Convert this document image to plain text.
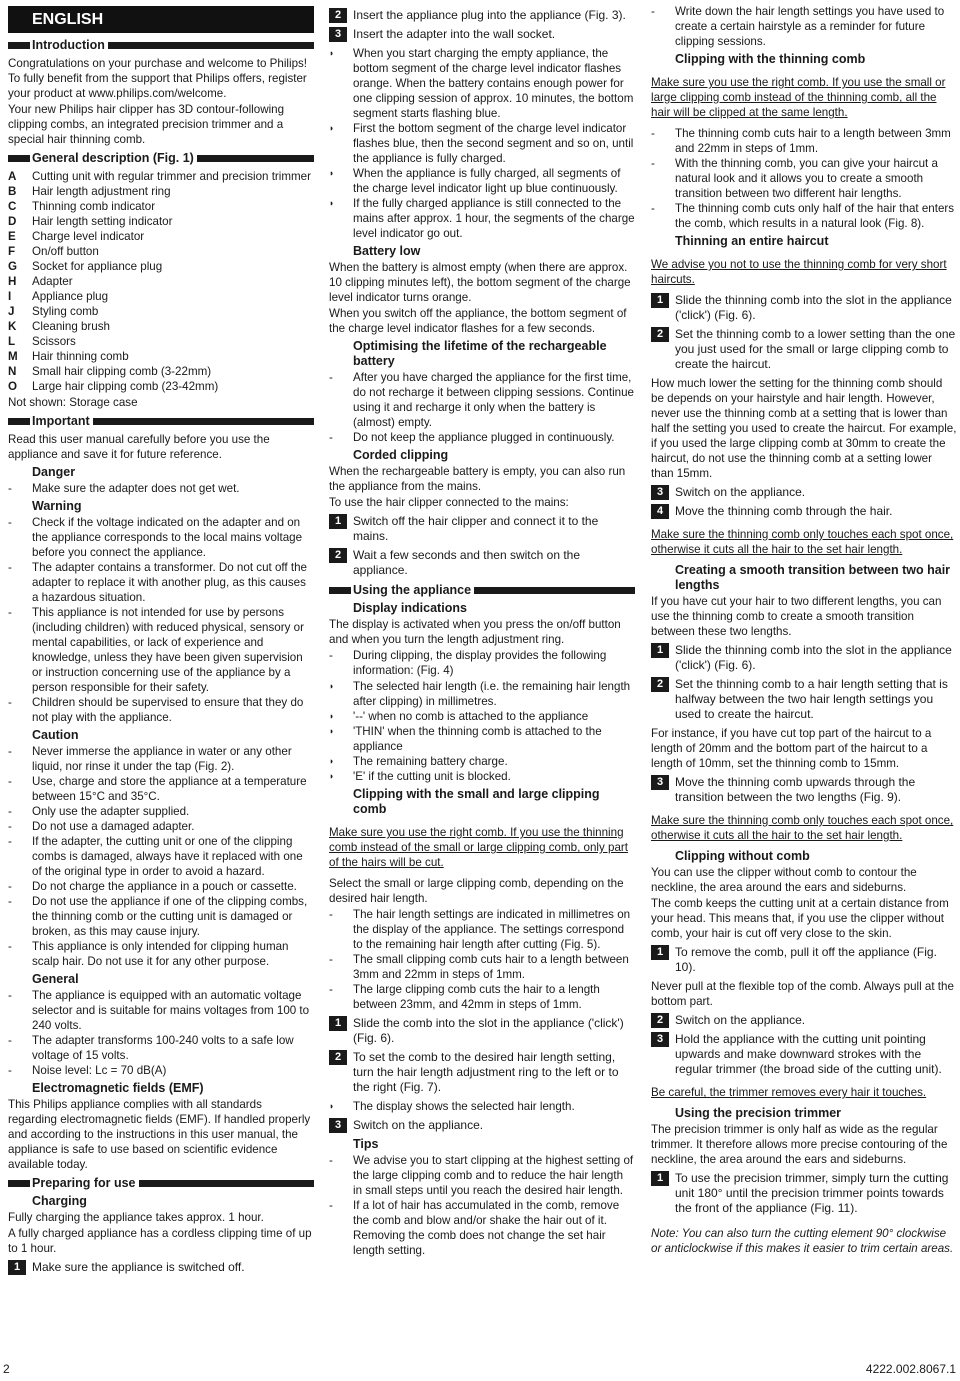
ENGLISH
Introduction
Congratulations on your purchase and welcome to Philips! To fully benefit from the support that Philips offers, register your product at www.philips.com/welcome.
Your new Philips hair clipper has 3D contour-following clipping combs, an integrated precision trimmer and a special hair thinning comb.
General description (Fig. 1)
A	Cutting unit with regular trimmer and precision trimmer
B	Hair length adjustment ring
C	Thinning comb indicator
D	Hair length setting indicator
E	Charge level indicator
F	On/off button
G	Socket for appliance plug
H	Adapter
I	Appliance plug
J	Styling comb
K	Cleaning brush
L	Scissors
M	Hair thinning comb
N	Small hair clipping comb (3-22mm)
O	Large hair clipping comb (23-42mm)
Not shown: Storage case
Important
Read this user manual carefully before you use the appliance and save it for future reference.
Danger
-	Make sure the adapter does not get wet.
Warning
-	Check if the voltage indicated on the adapter and on the appliance corresponds to the local mains voltage before you connect the appliance.
-	The adapter contains a transformer. Do not cut off the adapter to replace it with another plug, as this causes a hazardous situation.
-	This appliance is not intended for use by persons (including children) with reduced physical, sensory or mental capabilities, or lack of experience and knowledge, unless they have been given supervision or instruction concerning use of the appliance by a person responsible for their safety.
-	Children should be supervised to ensure that they do not play with the appliance.
Caution
-	Never immerse the appliance in water or any other liquid, nor rinse it under the tap (Fig. 2).
-	Use, charge and store the appliance at a temperature between 15°C and 35°C.
-	Only use the adapter supplied.
-	Do not use a damaged adapter.
-	If the adapter, the cutting unit or one of the clipping combs is damaged, always have it replaced with one of the original type in order to avoid a hazard.
-	Do not charge the appliance in a pouch or cassette.
-	Do not use the appliance if one of the clipping combs, the thinning comb or the cutting unit is damaged or broken, as this may cause injury.
-	This appliance is only intended for clipping human scalp hair. Do not use it for any other purpose.
General
-	The appliance is equipped with an automatic voltage selector and is suitable for mains voltages from 100 to 240 volts.
-	The adapter transforms 100-240 volts to a safe low voltage of 15 volts.
-	Noise level: Lc = 70 dB(A)
Electromagnetic fields (EMF)
This Philips appliance complies with all standards regarding electromagnetic fields (EMF). If handled properly and according to the instructions in this user manual, the appliance is safe to use based on scientific evidence available today.
Preparing for use
Charging
Fully charging the appliance takes approx. 1 hour.
A fully charged appliance has a cordless clipping time of up to 1 hour.
1 Make sure the appliance is switched off.
2 Insert the appliance plug into the appliance (Fig. 3).
3 Insert the adapter into the wall socket.
◗	When you start charging the empty appliance, the bottom segment of the charge level indicator flashes orange. When the battery contains enough power for one clipping session of approx. 10 minutes, the bottom segment starts flashing blue.
◗	First the bottom segment of the charge level indicator flashes blue, then the second segment and so on, until the appliance is fully charged.
◗	When the appliance is fully charged, all segments of the charge level indicator light up blue continuously.
◗	If the fully charged appliance is still connected to the mains after approx. 1 hour, the segments of the charge level indicator go out.
Battery low
When the battery is almost empty (when there are approx. 10 clipping minutes left), the bottom segment of the charge level indicator turns orange.
When you switch off the appliance, the bottom segment of the charge level indicator flashes for a few seconds.
Optimising the lifetime of the rechargeable battery
-	After you have charged the appliance for the first time, do not recharge it between clipping sessions. Continue using it and recharge it only when the battery is (almost) empty.
-	Do not keep the appliance plugged in continuously.
Corded clipping
When the rechargeable battery is empty, you can also run the appliance from the mains.
To use the hair clipper connected to the mains:
1 Switch off the hair clipper and connect it to the mains.
2 Wait a few seconds and then switch on the appliance.
Using the appliance
Display indications
The display is activated when you press the on/off button and when you turn the length adjustment ring.
-	During clipping, the display provides the following information: (Fig. 4)
◗	The selected hair length (i.e. the remaining hair length after clipping) in millimetres.
◗	'--' when no comb is attached to the appliance
◗	'THIN' when the thinning comb is attached to the appliance
◗	The remaining battery charge.
◗	'E' if the cutting unit is blocked.
Clipping with the small and large clipping comb
Make sure you use the right comb. If you use the thinning comb instead of the small or large clipping comb, only part of the hairs will be cut.
Select the small or large clipping comb, depending on the desired hair length.
-	The hair length settings are indicated in millimetres on the display of the appliance. The settings correspond to the remaining hair length after cutting (Fig. 5).
-	The small clipping comb cuts hair to a length between 3mm and 22mm in steps of 1mm.
-	The large clipping comb cuts the hair to a length between 23mm, and 42mm in steps of 1mm.
1 Slide the comb into the slot in the appliance ('click') (Fig. 6).
2 To set the comb to the desired hair length setting, turn the hair length adjustment ring to the left or to the right (Fig. 7).
◗	The display shows the selected hair length.
3 Switch on the appliance.
Tips
-	We advise you to start clipping at the highest setting of the large clipping comb and to reduce the hair length in small steps until you reach the desired hair length.
-	If a lot of hair has accumulated in the comb, remove the comb and blow and/or shake the hair out of it. Removing the comb does not change the set hair length setting.
-	Write down the hair length settings you have used to create a certain hairstyle as a reminder for future clipping sessions.
Clipping with the thinning comb
Make sure you use the right comb. If you use the small or large clipping comb instead of the thinning comb, all the hair will be clipped at the same length.
-	The thinning comb cuts hair to a length between 3mm and 22mm in steps of 1mm.
-	With the thinning comb, you can give your haircut a natural look and it allows you to create a smooth transition between two different hair lengths.
-	The thinning comb cuts only half of the hair that enters the comb, which results in a natural look (Fig. 8).
Thinning an entire haircut
We advise you not to use the thinning comb for very short haircuts.
1 Slide the thinning comb into the slot in the appliance ('click') (Fig. 6).
2 Set the thinning comb to a lower setting than the one you just used for the small or large clipping comb to create the haircut.
How much lower the setting for the thinning comb should be depends on your hairstyle and hair length. However, never use the thinning comb at a setting that is lower than half the setting you used to create the haircut. For example, if you used the large clipping comb at 30mm to create the haircut, do not use the thinning comb at a setting lower than 15mm.
3 Switch on the appliance.
4 Move the thinning comb through the hair.
Make sure the thinning comb only touches each spot once, otherwise it cuts all the hair to the set hair length.
Creating a smooth transition between two hair lengths
If you have cut your hair to two different lengths, you can use the thinning comb to create a smooth transition between these two lengths.
1 Slide the thinning comb into the slot in the appliance ('click') (Fig. 6).
2 Set the thinning comb to a hair length setting that is halfway between the two hair length settings you used to create the haircut.
For instance, if you have cut top part of the haircut to a length of 20mm and the bottom part of the haircut to a length of 10mm, set the thinning comb to 15mm.
3 Move the thinning comb upwards through the transition between the two lengths (Fig. 9).
Make sure the thinning comb only touches each spot once, otherwise it cuts all the hair to the set hair length.
Clipping without comb
You can use the clipper without comb to contour the neckline, the area around the ears and sideburns.
The comb keeps the cutting unit at a certain distance from your head. This means that, if you use the clipper without comb, your hair is cut off very close to the skin.
1 To remove the comb, pull it off the appliance (Fig. 10).
Never pull at the flexible top of the comb. Always pull at the bottom part.
2 Switch on the appliance.
3 Hold the appliance with the cutting unit pointing upwards and make downward strokes with the regular trimmer (the broad side of the cutting unit).
Be careful, the trimmer removes every hair it touches.
Using the precision trimmer
The precision trimmer is only half as wide as the regular trimmer. It therefore allows more precise contouring of the neckline, the area around the ears and sideburns.
1 To use the precision trimmer, simply turn the cutting unit 180° until the precision trimmer points towards the front of the appliance (Fig. 11).
Note: You can also turn the cutting element 90° clockwise or anticlockwise if this makes it easier to trim certain areas.
2	4222.002.8067.1
